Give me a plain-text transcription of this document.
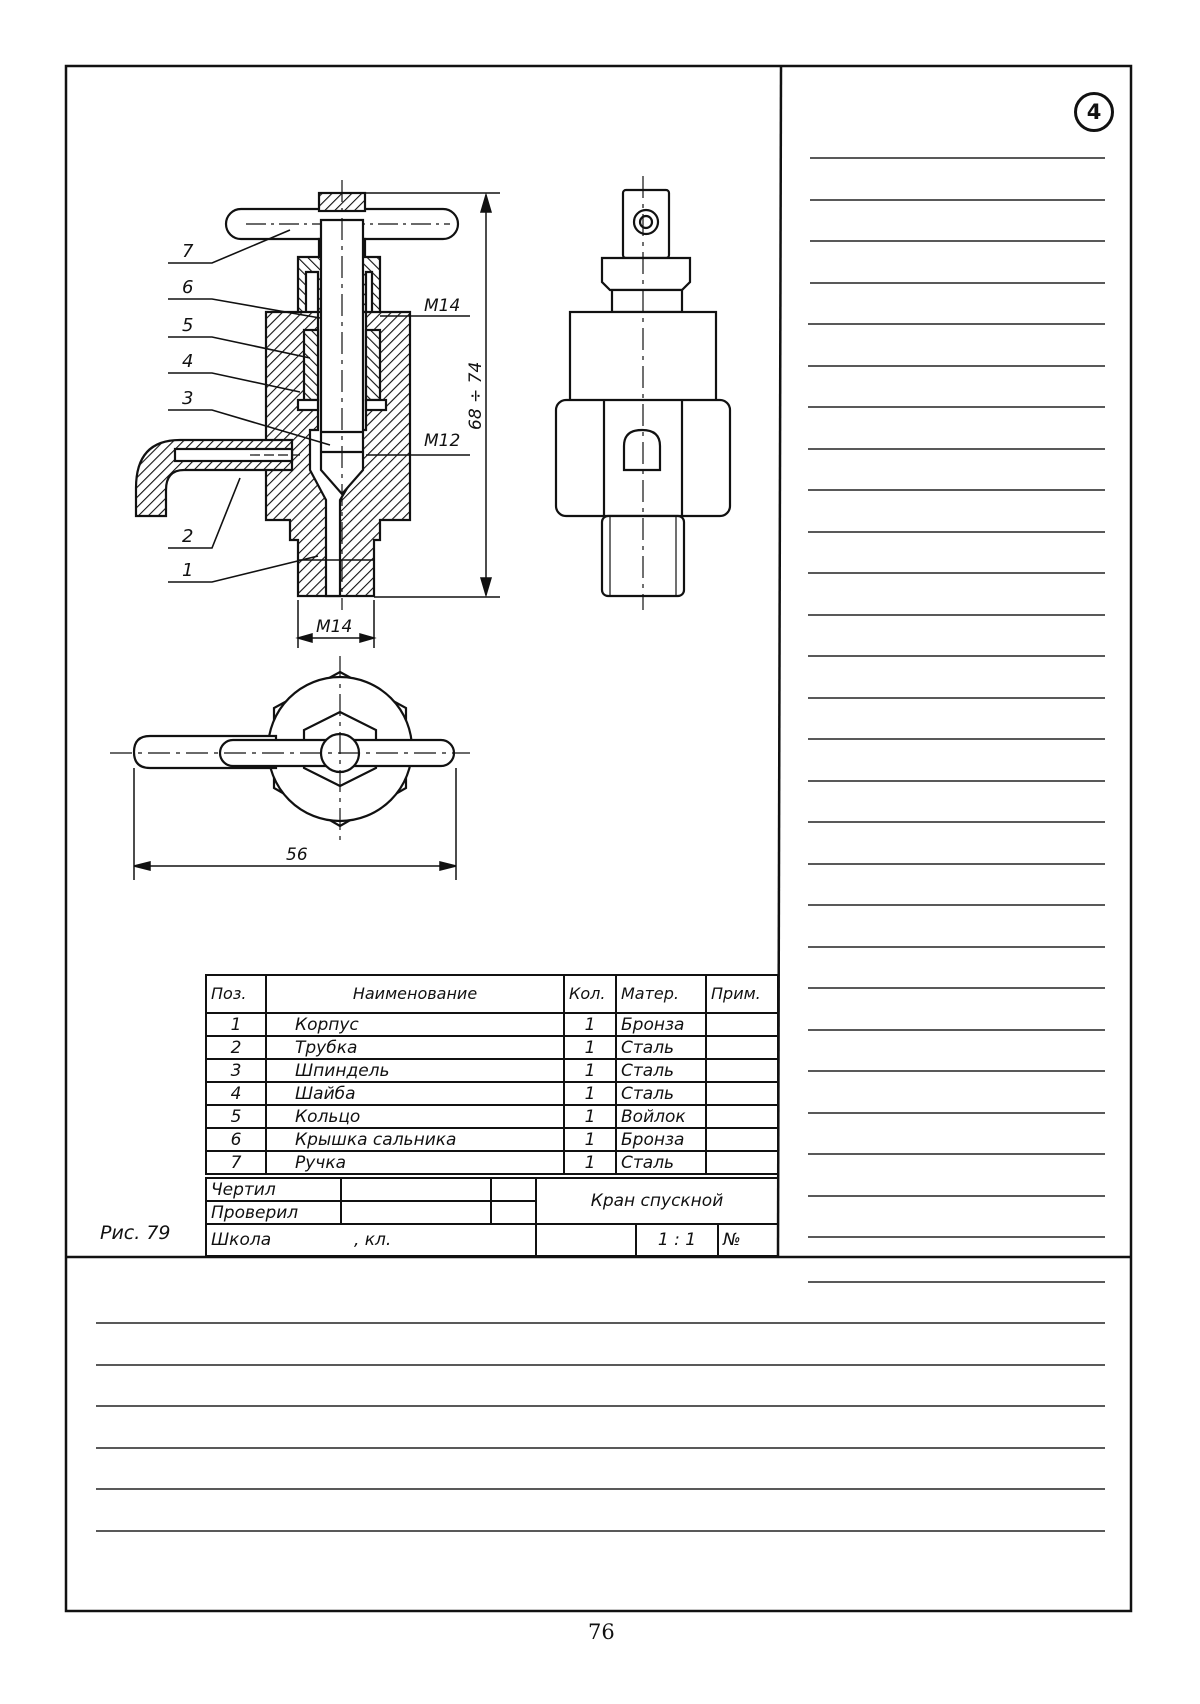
7
6
5
4
3
2
1
M14
M12
M14
68 ÷ 74
56
4
Поз.	Наименование	Кол.	Матер.	Прим.
1	Корпус	1	Бронза	
2	Трубка	1	Сталь	
3	Шпиндель	1	Сталь	
4	Шайба	1	Сталь	
5	Кольцо	1	Войлок	
6	Крышка сальника	1	Бронза	
7	Ручка	1	Сталь	
Чертил			Кран спускной		
Проверил					
Школа , кл.				1 : 1	№
Рис. 79
76
